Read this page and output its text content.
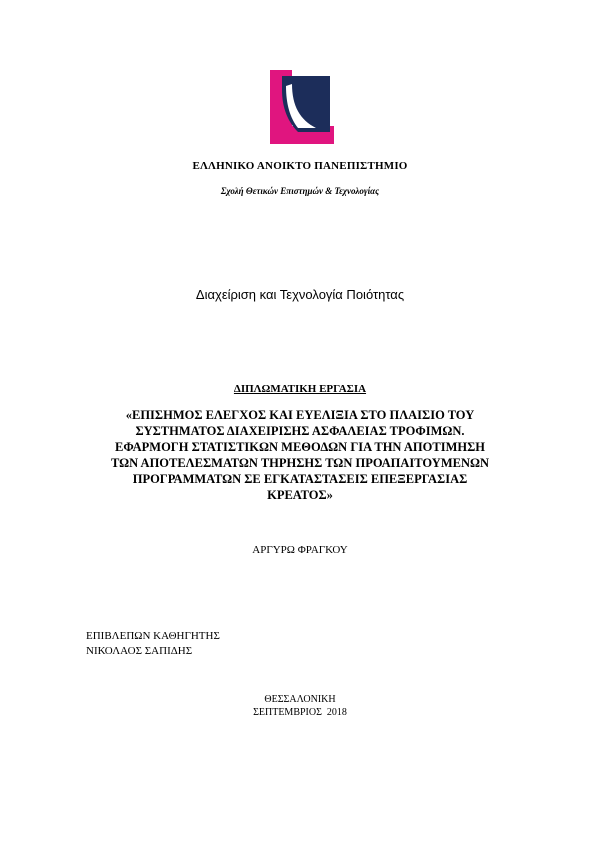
ΕΛΛΗΝΙΚΟ ΑΝΟΙΚΤΟ ΠΑΝΕΠΙΣΤΗΜΙΟ
Σχολή Θετικών Επιστημών & Τεχνολογίας
Διαχείριση και Τεχνολογία Ποιότητας
ΔΙΠΛΩΜΑΤΙΚΗ ΕΡΓΑΣΙΑ
«ΕΠΙΣΗΜΟΣ ΕΛΕΓΧΟΣ ΚΑΙ ΕΥΕΛΙΞΙΑ ΣΤΟ ΠΛΑΙΣΙΟ ΤΟΥ
ΣΥΣΤΗΜΑΤΟΣ ΔΙΑΧΕΙΡΙΣΗΣ ΑΣΦΑΛΕΙΑΣ ΤΡΟΦΙΜΩΝ.
ΕΦΑΡΜΟΓΗ ΣΤΑΤΙΣΤΙΚΩΝ ΜΕΘΟΔΩΝ ΓΙΑ ΤΗΝ ΑΠΟΤΙΜΗΣΗ
ΤΩΝ ΑΠΟΤΕΛΕΣΜΑΤΩΝ ΤΗΡΗΣΗΣ ΤΩΝ ΠΡΟΑΠΑΙΤΟΥΜΕΝΩΝ
ΠΡΟΓΡΑΜΜΑΤΩΝ ΣΕ ΕΓΚΑΤΑΣΤΑΣΕΙΣ ΕΠΕΞΕΡΓΑΣΙΑΣ
ΚΡΕΑΤΟΣ»
ΑΡΓΥΡΩ ΦΡΑΓΚΟΥ
ΕΠΙΒΛΕΠΩΝ ΚΑΘΗΓΗΤΗΣ
ΝΙΚΟΛΑΟΣ ΣΑΠΙΔΗΣ
ΘΕΣΣΑΛΟΝΙΚΗ
ΣΕΠΤΕΜΒΡΙΟΣ  2018
